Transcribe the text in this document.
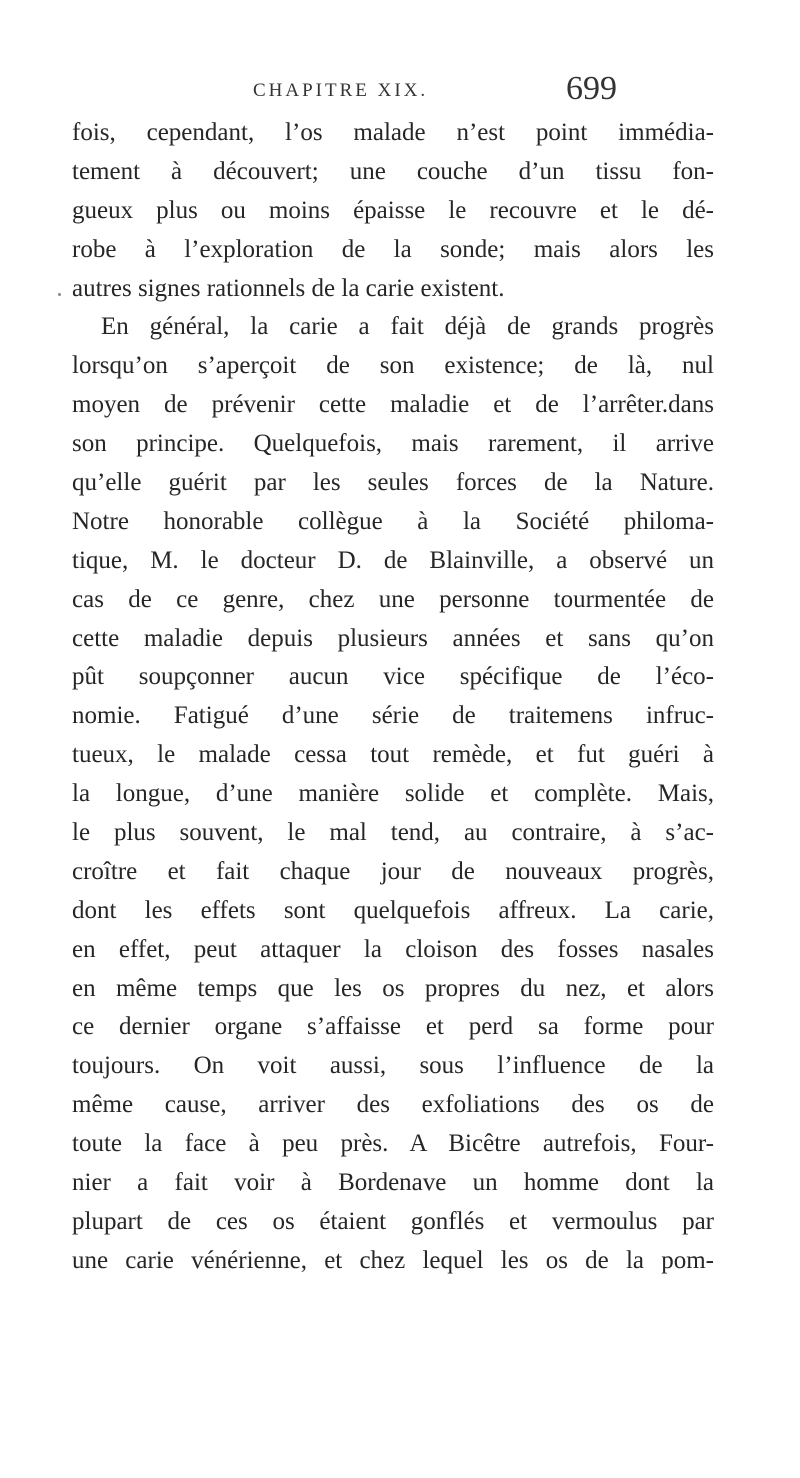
CHAPITRE XIX.	699
fois, cependant, l’os malade n’est point immédia-
tement à découvert; une couche d’un tissu fon-
gueux plus ou moins épaisse le recouvre et le dé-
robe à l’exploration de la sonde; mais alors les
autres signes rationnels de la carie existent.
En général, la carie a fait déjà de grands progrès
lorsqu’on s’aperçoit de son existence; de là, nul
moyen de prévenir cette maladie et de l’arrêter.dans
son principe. Quelquefois, mais rarement, il arrive
qu’elle guérit par les seules forces de la Nature.
Notre honorable collègue à la Société philoma-
tique, M. le docteur D. de Blainville, a observé un
cas de ce genre, chez une personne tourmentée de
cette maladie depuis plusieurs années et sans qu’on
pût soupçonner aucun vice spécifique de l’éco-
nomie. Fatigué d’une série de traitemens infruc-
tueux, le malade cessa tout remède, et fut guéri à
la longue, d’une manière solide et complète. Mais,
le plus souvent, le mal tend, au contraire, à s’ac-
croître et fait chaque jour de nouveaux progrès,
dont les effets sont quelquefois affreux. La carie,
en effet, peut attaquer la cloison des fosses nasales
en même temps que les os propres du nez, et alors
ce dernier organe s’affaisse et perd sa forme pour
toujours. On voit aussi, sous l’influence de la
même cause, arriver des exfoliations des os de
toute la face à peu près. A Bicêtre autrefois, Four-
nier a fait voir à Bordenave un homme dont la
plupart de ces os étaient gonflés et vermoulus par
une carie vénérienne, et chez lequel les os de la pom-
